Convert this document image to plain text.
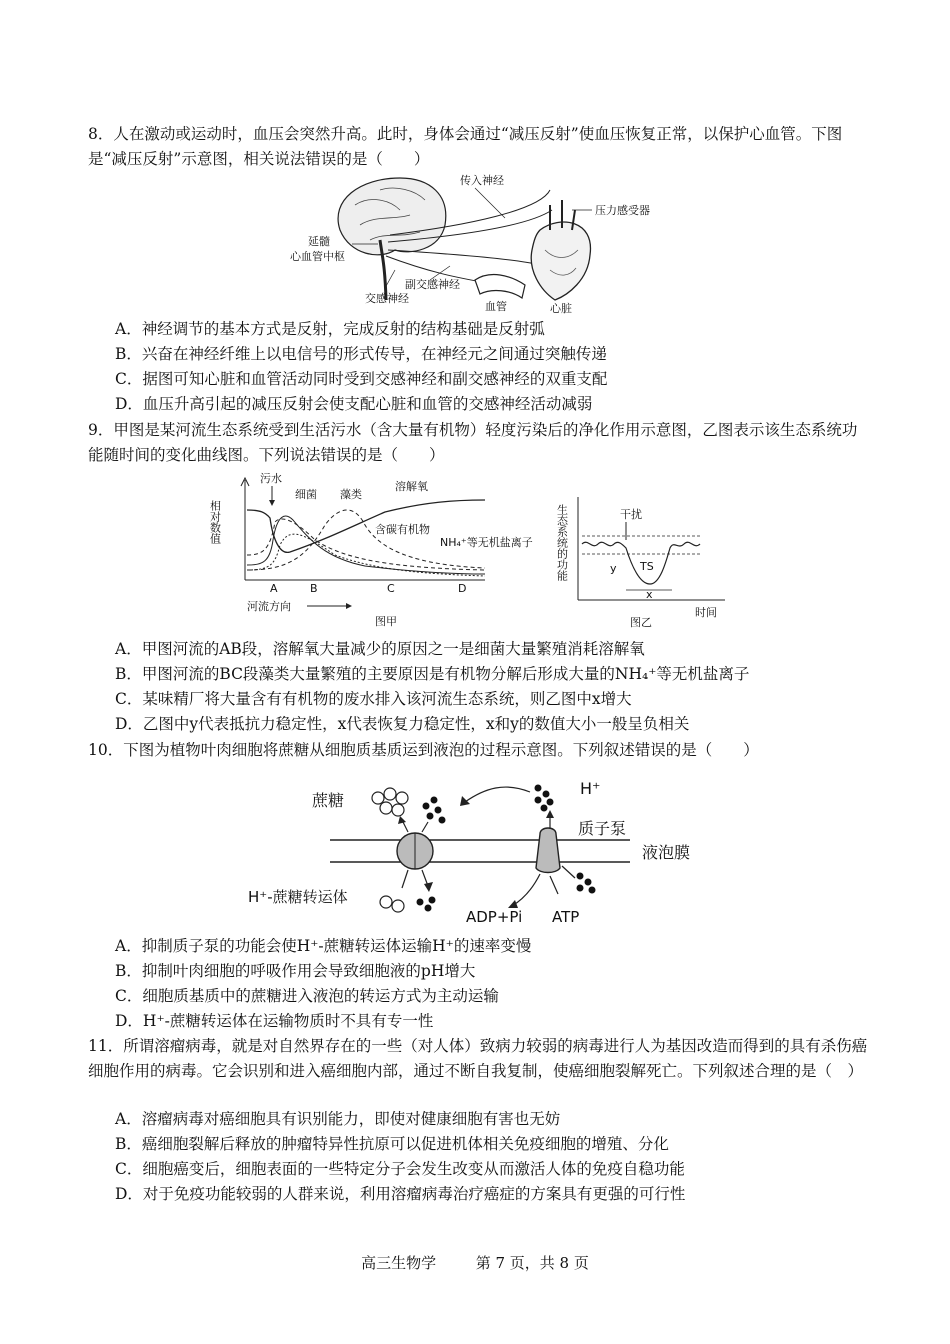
8．人在激动或运动时，血压会突然升高。此时，身体会通过“减压反射”使血压恢复正常，以保护心血管。下图是“减压反射”示意图，相关说法错误的是（　　）
传入神经
压力感受器
延髓
心血管中枢
副交感神经
交感神经
血管	心脏
A．神经调节的基本方式是反射，完成反射的结构基础是反射弧
B．兴奋在神经纤维上以电信号的形式传导，在神经元之间通过突触传递
C．据图可知心脏和血管活动同时受到交感神经和副交感神经的双重支配
D．血压升高引起的减压反射会使支配心脏和血管的交感神经活动减弱
9．甲图是某河流生态系统受到生活污水（含大量有机物）轻度污染后的净化作用示意图，乙图表示该生态系统功能随时间的变化曲线图。下列说法错误的是（　　）
相对数值
污水
细菌 藻类
溶解氧
含碳有机物
NH₄⁺等无机盐离子
A	B	C	D
河流方向
图甲
生态系统的功能	干扰
y TS
x
时间
图乙
A．甲图河流的AB段，溶解氧大量减少的原因之一是细菌大量繁殖消耗溶解氧
B．甲图河流的BC段藻类大量繁殖的主要原因是有机物分解后形成大量的NH₄⁺等无机盐离子
C．某味精厂将大量含有有机物的废水排入该河流生态系统，则乙图中x增大
D．乙图中y代表抵抗力稳定性，x代表恢复力稳定性，x和y的数值大小一般呈负相关
10．下图为植物叶肉细胞将蔗糖从细胞质基质运到液泡的过程示意图。下列叙述错误的是（　　）
蔗糖
H⁺
质子泵
液泡膜
H⁺-蔗糖转运体
ADP+Pi ATP
A．抑制质子泵的功能会使H⁺-蔗糖转运体运输H⁺的速率变慢
B．抑制叶肉细胞的呼吸作用会导致细胞液的pH增大
C．细胞质基质中的蔗糖进入液泡的转运方式为主动运输
D．H⁺-蔗糖转运体在运输物质时不具有专一性
11．所谓溶瘤病毒，就是对自然界存在的一些（对人体）致病力较弱的病毒进行人为基因改造而得到的具有杀伤癌细胞作用的病毒。它会识别和进入癌细胞内部，通过不断自我复制，使癌细胞裂解死亡。下列叙述合理的是（　）
A．溶瘤病毒对癌细胞具有识别能力，即使对健康细胞有害也无妨
B．癌细胞裂解后释放的肿瘤特异性抗原可以促进机体相关免疫细胞的增殖、分化
C．细胞癌变后，细胞表面的一些特定分子会发生改变从而激活人体的免疫自稳功能
D．对于免疫功能较弱的人群来说，利用溶瘤病毒治疗癌症的方案具有更强的可行性
高三生物学	第 7 页，共 8 页
